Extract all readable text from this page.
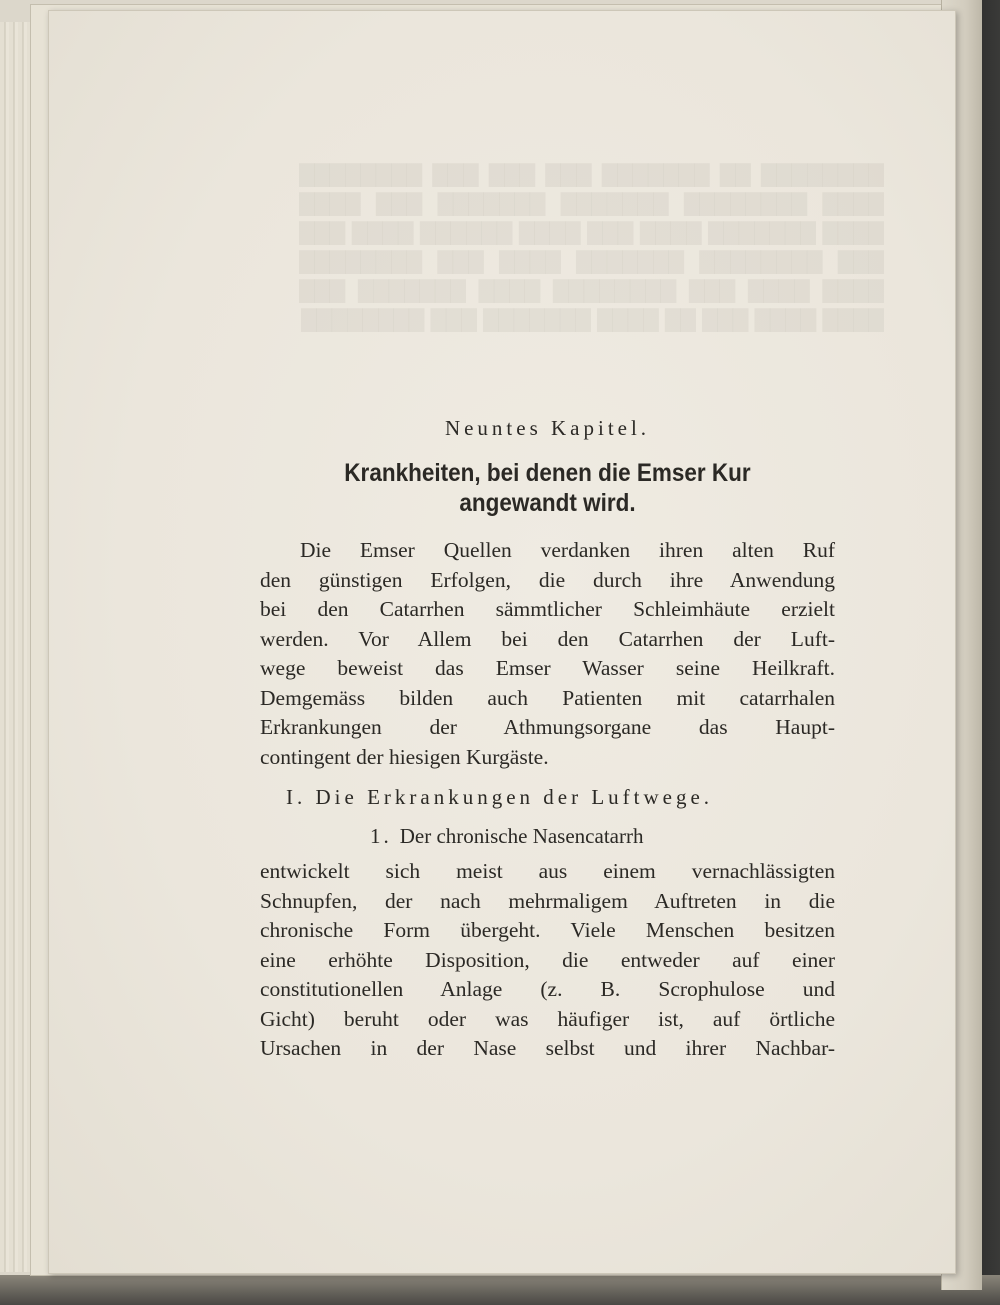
████████ ██ ███████ ███ ███ ███ ████████ ████ ████████ ███████ ███████ ███ ████ ████ ███████ ████ ███ ████ ██████ ████ ███ ███ ████████ ███████ ████ ███ ████████ ████ ████ ███ ████████ ████ ███████ ███ ████ ████ ███ ██ ████ ███████ ███ ████████
Neuntes Kapitel.
Krankheiten, bei denen die Emser Kur
angewandt wird.
Die Emser Quellen verdanken ihren alten Ruf
den günstigen Erfolgen, die durch ihre Anwendung
bei den Catarrhen sämmtlicher Schleimhäute erzielt
werden. Vor Allem bei den Catarrhen der Luft-
wege beweist das Emser Wasser seine Heilkraft.
Demgemäss bilden auch Patienten mit catarrhalen
Erkrankungen der Athmungsorgane das Haupt-
contingent der hiesigen Kurgäste.
I. Die Erkrankungen der Luftwege.
1. Der chronische Nasencatarrh
entwickelt sich meist aus einem vernachlässigten
Schnupfen, der nach mehrmaligem Auftreten in die
chronische Form übergeht. Viele Menschen besitzen
eine erhöhte Disposition, die entweder auf einer
constitutionellen Anlage (z. B. Scrophulose und
Gicht) beruht oder was häufiger ist, auf örtliche
Ursachen in der Nase selbst und ihrer Nachbar-
